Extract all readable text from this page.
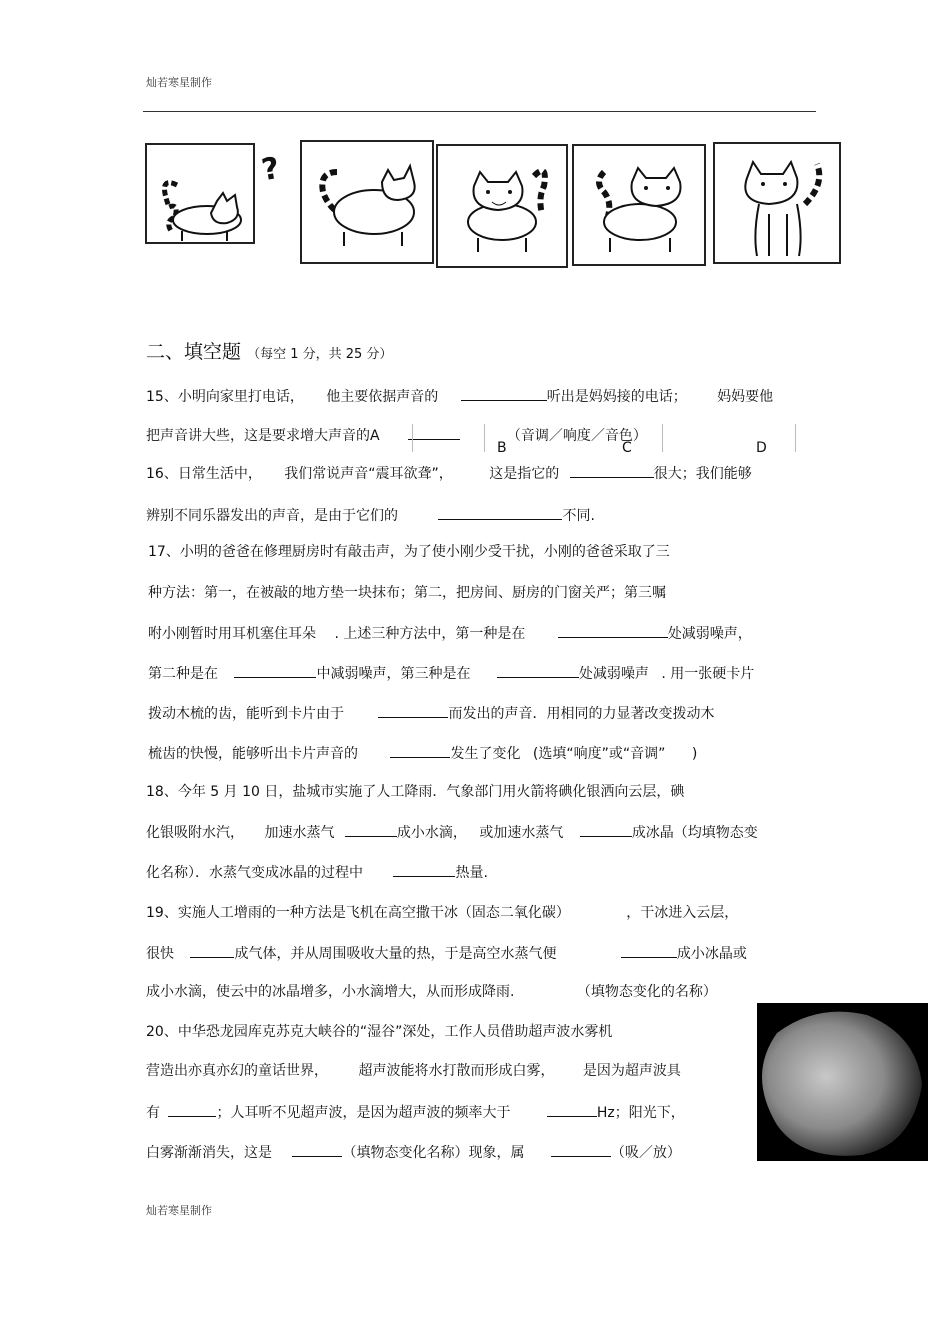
灿若寒星制作
?
二、填空题 （每空 1 分，共 25 分）
15、小明向家里打电话， 他主要依据声音的	听出是妈妈接的电话； 妈妈要他
把声音讲大些，这是要求增大声音的	（音调／响度／音色）
A
B	C	D
16、日常生活中， 我们常说声音“震耳欲聋”，	这是指它的	很大；我们能够
辨别不同乐器发出的声音，是由于它们的	不同.
17、小明的爸爸在修理厨房时有敲击声，为了使小刚少受干扰，小刚的爸爸采取了三
种方法：第一，在被敲的地方垫一块抹布；第二，把房间、厨房的门窗关严；第三嘱
咐小刚暂时用耳机塞住耳朵 . 上述三种方法中，第一种是在	处减弱噪声，
第二种是在	中减弱噪声，第三种是在	处减弱噪声 . 用一张硬卡片
拨动木梳的齿，能听到卡片由于	而发出的声音．用相同的力显著改变拨动木
梳齿的快慢，能够听出卡片声音的	发生了变化 (选填“响度”或“音调” )
18、今年 5 月 10 日，盐城市实施了人工降雨．气象部门用火箭将碘化银洒向云层，碘
化银吸附水汽， 加速水蒸气	成小水滴， 或加速水蒸气	成冰晶（均填物态变
化名称）．水蒸气变成冰晶的过程中	热量.
19、实施人工增雨的一种方法是飞机在高空撒干冰（固态二氧化碳）	，干冰进入云层，
很快	成气体，并从周围吸收大量的热，于是高空水蒸气便	成小冰晶或
成小水滴，使云中的冰晶增多，小水滴增大，从而形成降雨.	（填物态变化的名称）
20、中华恐龙园库克苏克大峡谷的“湿谷”深处，工作人员借助超声波水雾机
营造出亦真亦幻的童话世界， 超声波能将水打散而形成白雾， 是因为超声波具
有	；人耳听不见超声波，是因为超声波的频率大于	Hz；阳光下，
白雾渐渐消失，这是	（填物态变化名称）现象，属	（吸／放）
灿若寒星制作
